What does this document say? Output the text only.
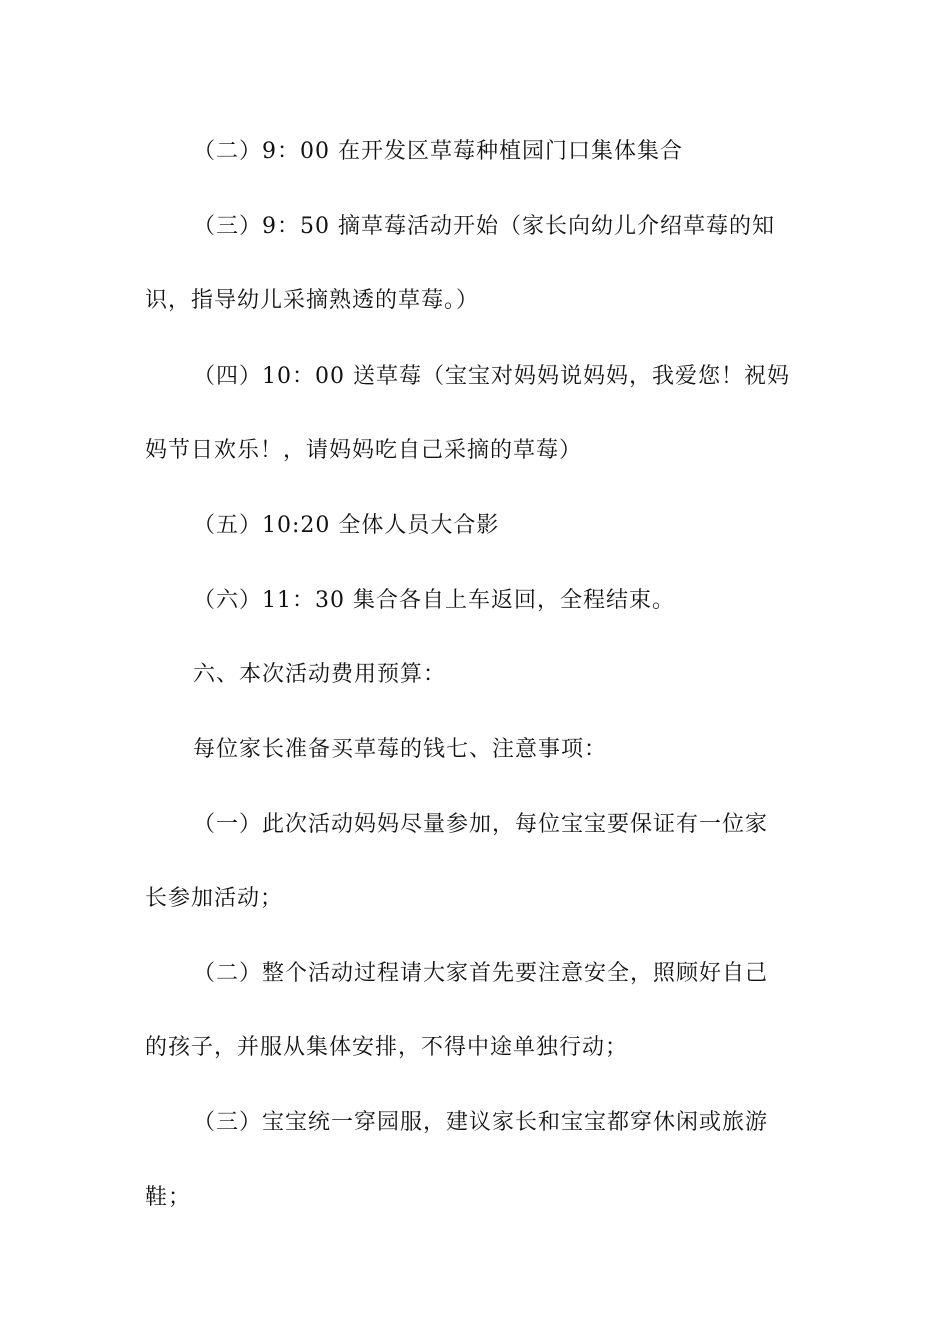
（二）9：00 在开发区草莓种植园门口集体集合
（三）9：50 摘草莓活动开始（家长向幼儿介绍草莓的知
识，指导幼儿采摘熟透的草莓。）
（四）10：00 送草莓（宝宝对妈妈说妈妈，我爱您！祝妈
妈节日欢乐！，请妈妈吃自己采摘的草莓）
（五）10:20 全体人员大合影
（六）11：30 集合各自上车返回，全程结束。
六、本次活动费用预算：
每位家长准备买草莓的钱七、注意事项：
（一）此次活动妈妈尽量参加，每位宝宝要保证有一位家
长参加活动；
（二）整个活动过程请大家首先要注意安全，照顾好自己
的孩子，并服从集体安排，不得中途单独行动；
（三）宝宝统一穿园服，建议家长和宝宝都穿休闲或旅游
鞋；
